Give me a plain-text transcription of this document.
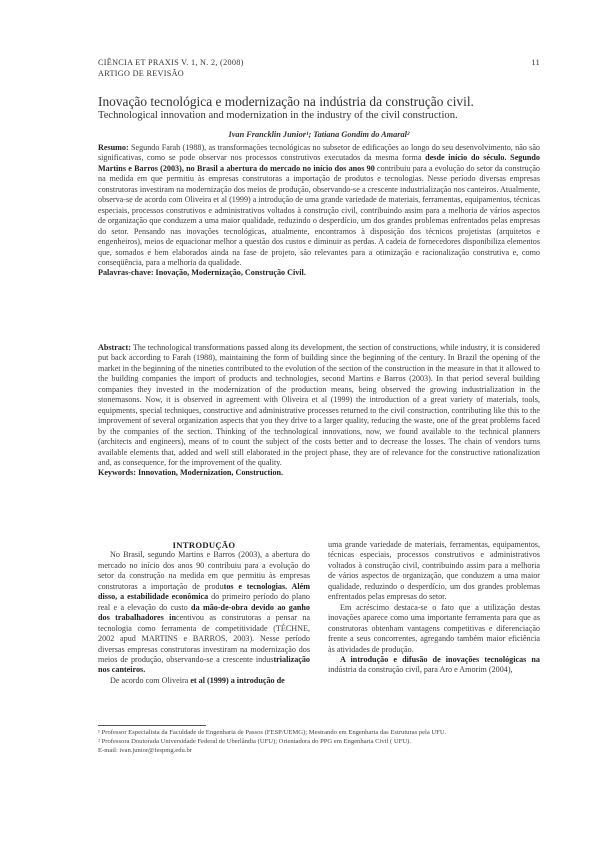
CIÊNCIA ET PRAXIS V. 1, N. 2, (2008)
ARTIGO DE REVISÃO
11
Inovação tecnológica e modernização na indústria da construção civil.
Technological innovation and modernization in the industry of the civil construction.
Ivan Francklin Junior¹; Tatiana Gondim do Amaral²
Resumo: Segundo Farah (1988), as transformações tecnológicas no subsetor de edificações ao longo do seu desenvolvimento, não são significativas, como se pode observar nos processos construtivos executados da mesma forma desde início do século. Segundo Martins e Barros (2003), no Brasil a abertura do mercado no início dos anos 90 contribuiu para a evolução do setor da construção na medida em que permitiu às empresas construtoras a importação de produtos e tecnologias. Nesse período diversas empresas construtoras investiram na modernização dos meios de produção, observando-se a crescente industrialização nos canteiros. Atualmente, observa-se de acordo com Oliveira et al (1999) a introdução de uma grande variedade de materiais, ferramentas, equipamentos, técnicas especiais, processos construtivos e administrativos voltados à construção civil, contribuindo assim para a melhoria de vários aspectos de organização que conduzem a uma maior qualidade, reduzindo o desperdício, um dos grandes problemas enfrentados pelas empresas do setor. Pensando nas inovações tecnológicas, atualmente, encontramos à disposição dos técnicos projetistas (arquitetos e engenheiros), meios de equacionar melhor a questão dos custos e diminuir as perdas. A cadeia de fornecedores disponibiliza elementos que, somados e bem elaborados ainda na fase de projeto, são relevantes para a otimização e racionalização construtiva e, como conseqüência, para a melhoria da qualidade.
Palavras-chave: Inovação, Modernização, Construção Civil.
Abstract: The technological transformations passed along its development, the section of constructions, while industry, it is considered put back according to Farah (1988), maintaining the form of building since the beginning of the century. In Brazil the opening of the market in the beginning of the nineties contributed to the evolution of the section of the construction in the measure in that it allowed to the building companies the import of products and technologies, second Martins e Barros (2003). In that period several building companies they invested in the modernization of the production means, being observed the growing industrialization in the stonemasons. Now, it is observed in agreement with Oliveira et al (1999) the introduction of a great variety of materials, tools, equipments, special techniques, constructive and administrative processes returned to the civil construction, contributing like this to the improvement of several organization aspects that you they drive to a larger quality, reducing the waste, one of the great problems faced by the companies of the section. Thinking of the technological innovations, now, we found available to the technical planners (architects and engineers), means of to count the subject of the costs better and to decrease the losses. The chain of vendors turns available elements that, added and well still elaborated in the project phase, they are of relevance for the constructive rationalization and, as consequence, for the improvement of the quality.
Keywords: Innovation, Modernization, Construction.
INTRODUÇÃO

No Brasil, segundo Martins e Barros (2003), a abertura do mercado no início dos anos 90 contribuiu para a evolução do setor da construção na medida em que permitiu às empresas construtoras a importação de produtos e tecnologias. Além disso, a estabilidade econômica do primeiro período do plano real e a elevação do custo da mão-de-obra devido ao ganho dos trabalhadores incentivou as construtoras a pensar na tecnologia como ferramenta de competitividade (TÉCHNE, 2002 apud MARTINS e BARROS, 2003). Nesse período diversas empresas construtoras investiram na modernização dos meios de produção, observando-se a crescente industrialização nos canteiros.

De acordo com Oliveira et al (1999) a introdução de

uma grande variedade de materiais, ferramentas, equipamentos, técnicas especiais, processos construtivos e administrativos voltados à construção civil, contribuindo assim para a melhoria de vários aspectos de organização, que conduzem a uma maior qualidade, reduzindo o desperdício, um dos grandes problemas enfrentados pelas empresas do setor.

Em acréscimo destaca-se o fato que a utilização destas inovações aparece como uma importante ferramenta para que as construtoras obtenham vantagens competitivas e diferenciação frente a seus concorrentes, agregando também maior eficiência às atividades de produção.

A introdução e difusão de inovações tecnológicas na indústria da construção civil, para Aro e Amorim (2004),

¹ Professor Especialista da Faculdade de Engenharia de Passos (FESP/UEMG); Mestrando em Engenharia das Estruturas pela UFU.
² Professora Doutorada Universidade Federal de Uberlândia (UFU); Orientadora do PPG em Engenharia Civil ( UFU).
E-mail: ivan.junior@fespmg.edu.br
